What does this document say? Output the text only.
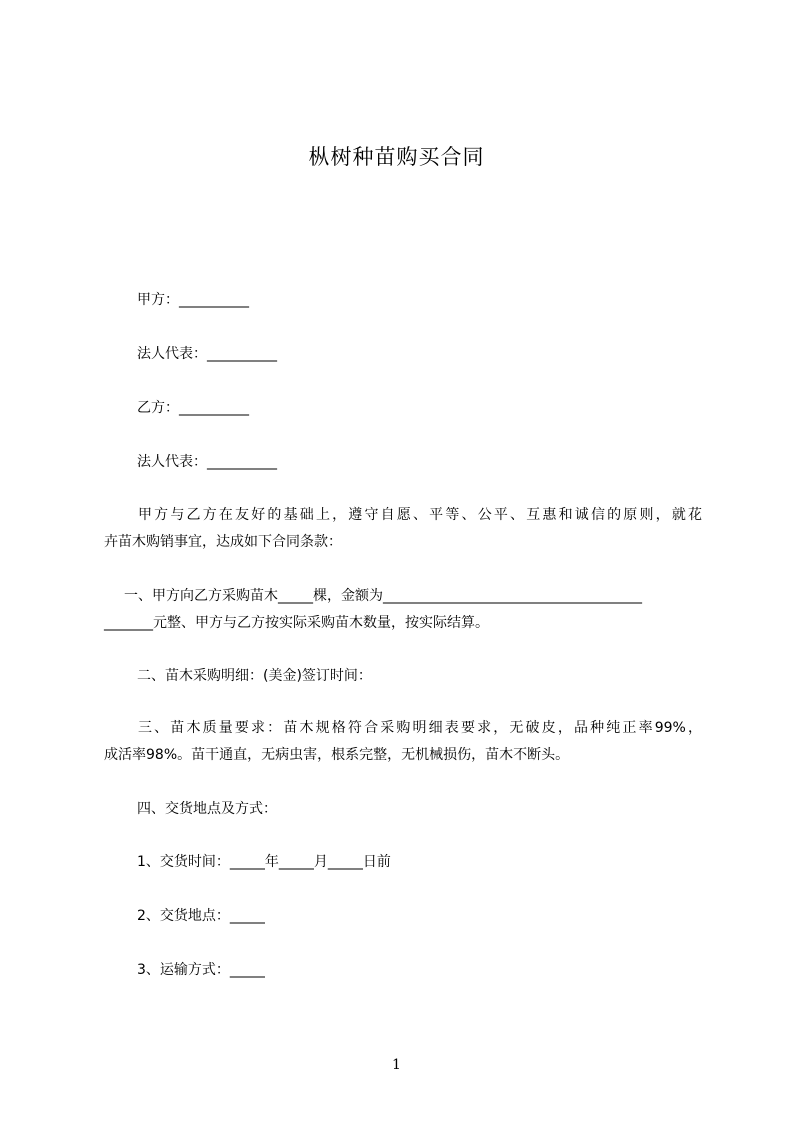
枞树种苗购买合同
甲方：__________
法人代表：__________
乙方：__________
法人代表：__________
甲方与乙方在友好的基础上，遵守自愿、平等、公平、互惠和诚信的原则，就花
卉苗木购销事宜，达成如下合同条款：
一、甲方向乙方采购苗木_____棵，金额为_____________________________________
_______元整、甲方与乙方按实际采购苗木数量，按实际结算。
二、苗木采购明细：(美金)签订时间：
三、苗木质量要求：苗木规格符合采购明细表要求，无破皮，品种纯正率99%，
成活率98%。苗干通直，无病虫害，根系完整，无机械损伤，苗木不断头。
四、交货地点及方式：
1、交货时间：_____年_____月_____日前
2、交货地点：_____
3、运输方式：_____
1
